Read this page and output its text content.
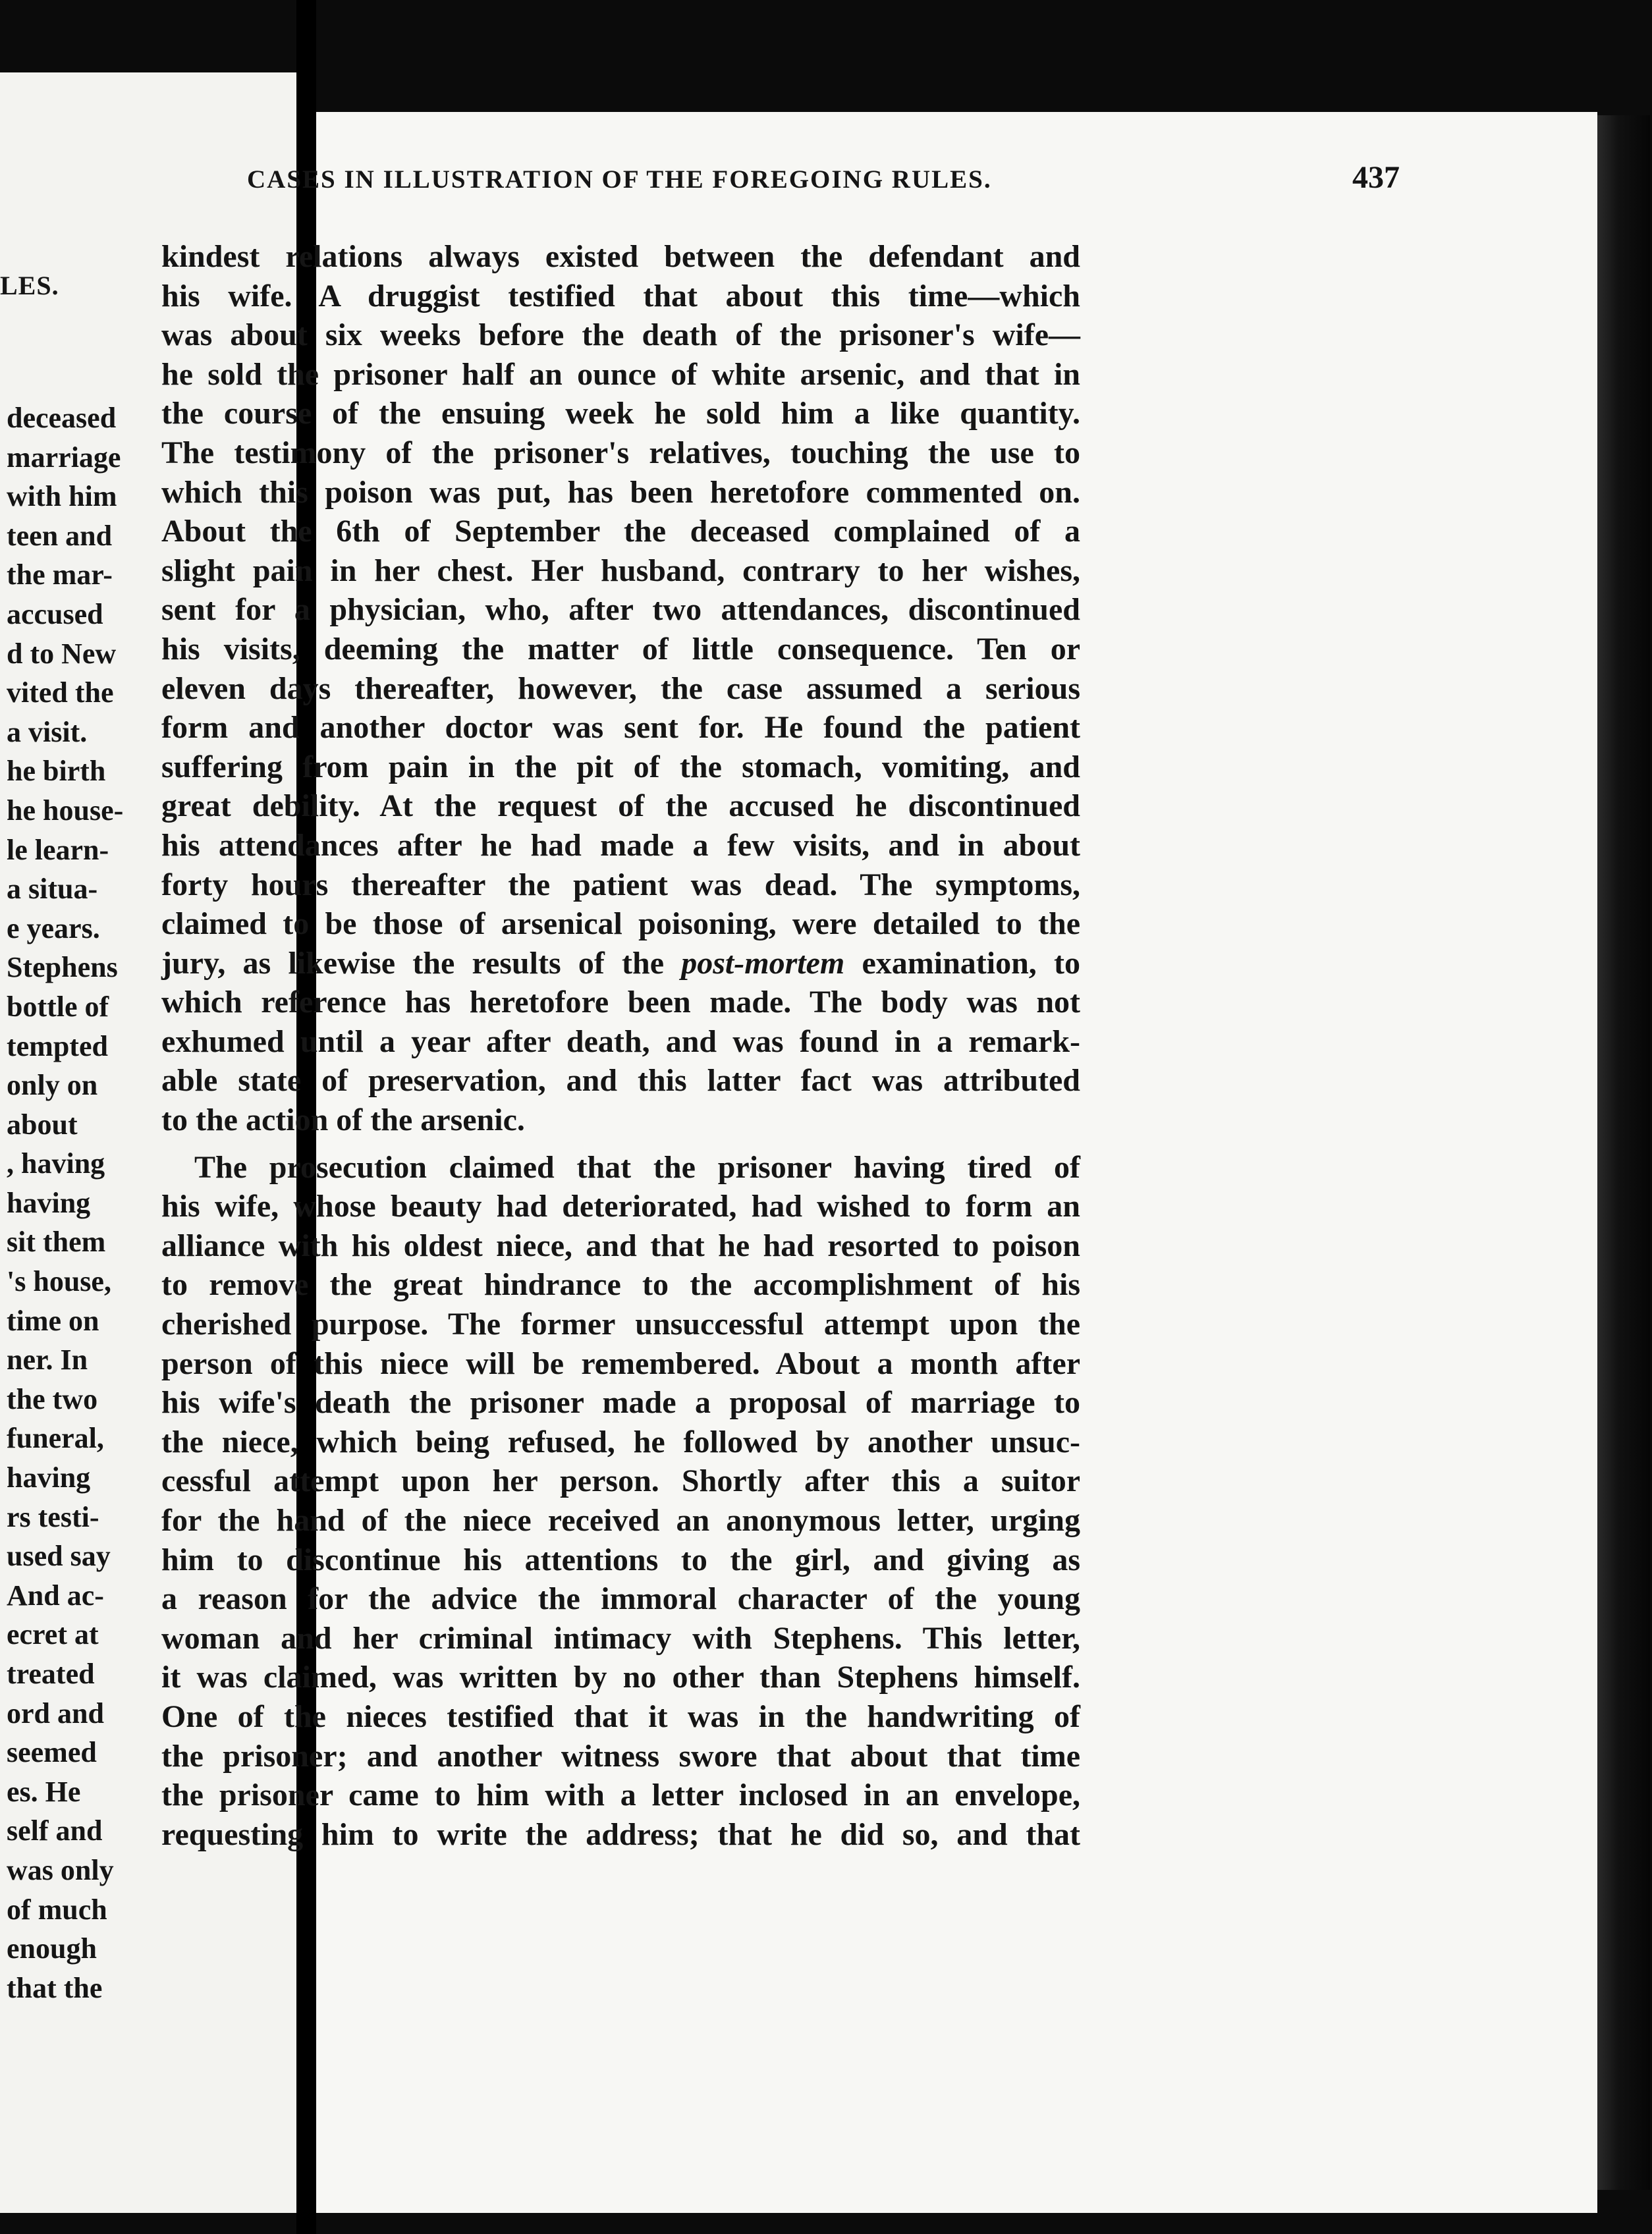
LES.
deceased
marriage
with him
teen and
the mar-
accused
d to New
vited the
a visit.
he birth
he house-
le learn-
a situa-
e years.
Stephens
bottle of
tempted
only on
about
, having
having
sit them
's house,
time on
ner. In
the two
funeral,
having
rs testi-
used say
And ac-
ecret at
treated
ord and
seemed
es. He
self and
was only
of much
enough
that the
CASES IN ILLUSTRATION OF THE FOREGOING RULES.	437
kindest relations always existed between the defendant and
his wife. A druggist testified that about this time—which
was about six weeks before the death of the prisoner's wife—
he sold the prisoner half an ounce of white arsenic, and that in
the course of the ensuing week he sold him a like quantity.
The testimony of the prisoner's relatives, touching the use to
which this poison was put, has been heretofore commented on.
About the 6th of September the deceased complained of a
slight pain in her chest. Her husband, contrary to her wishes,
sent for a physician, who, after two attendances, discontinued
his visits, deeming the matter of little consequence. Ten or
eleven days thereafter, however, the case assumed a serious
form and another doctor was sent for. He found the patient
suffering from pain in the pit of the stomach, vomiting, and
great debility. At the request of the accused he discontinued
his attendances after he had made a few visits, and in about
forty hours thereafter the patient was dead. The symptoms,
claimed to be those of arsenical poisoning, were detailed to the
jury, as likewise the results of the post-mortem examination, to
which reference has heretofore been made. The body was not
exhumed until a year after death, and was found in a remark-
able state of preservation, and this latter fact was attributed
to the action of the arsenic.
The prosecution claimed that the prisoner having tired of
his wife, whose beauty had deteriorated, had wished to form an
alliance with his oldest niece, and that he had resorted to poison
to remove the great hindrance to the accomplishment of his
cherished purpose. The former unsuccessful attempt upon the
person of this niece will be remembered. About a month after
his wife's death the prisoner made a proposal of marriage to
the niece, which being refused, he followed by another unsuc-
cessful attempt upon her person. Shortly after this a suitor
for the hand of the niece received an anonymous letter, urging
him to discontinue his attentions to the girl, and giving as
a reason for the advice the immoral character of the young
woman and her criminal intimacy with Stephens. This letter,
it was claimed, was written by no other than Stephens himself.
One of the nieces testified that it was in the handwriting of
the prisoner; and another witness swore that about that time
the prisoner came to him with a letter inclosed in an envelope,
requesting him to write the address; that he did so, and that
